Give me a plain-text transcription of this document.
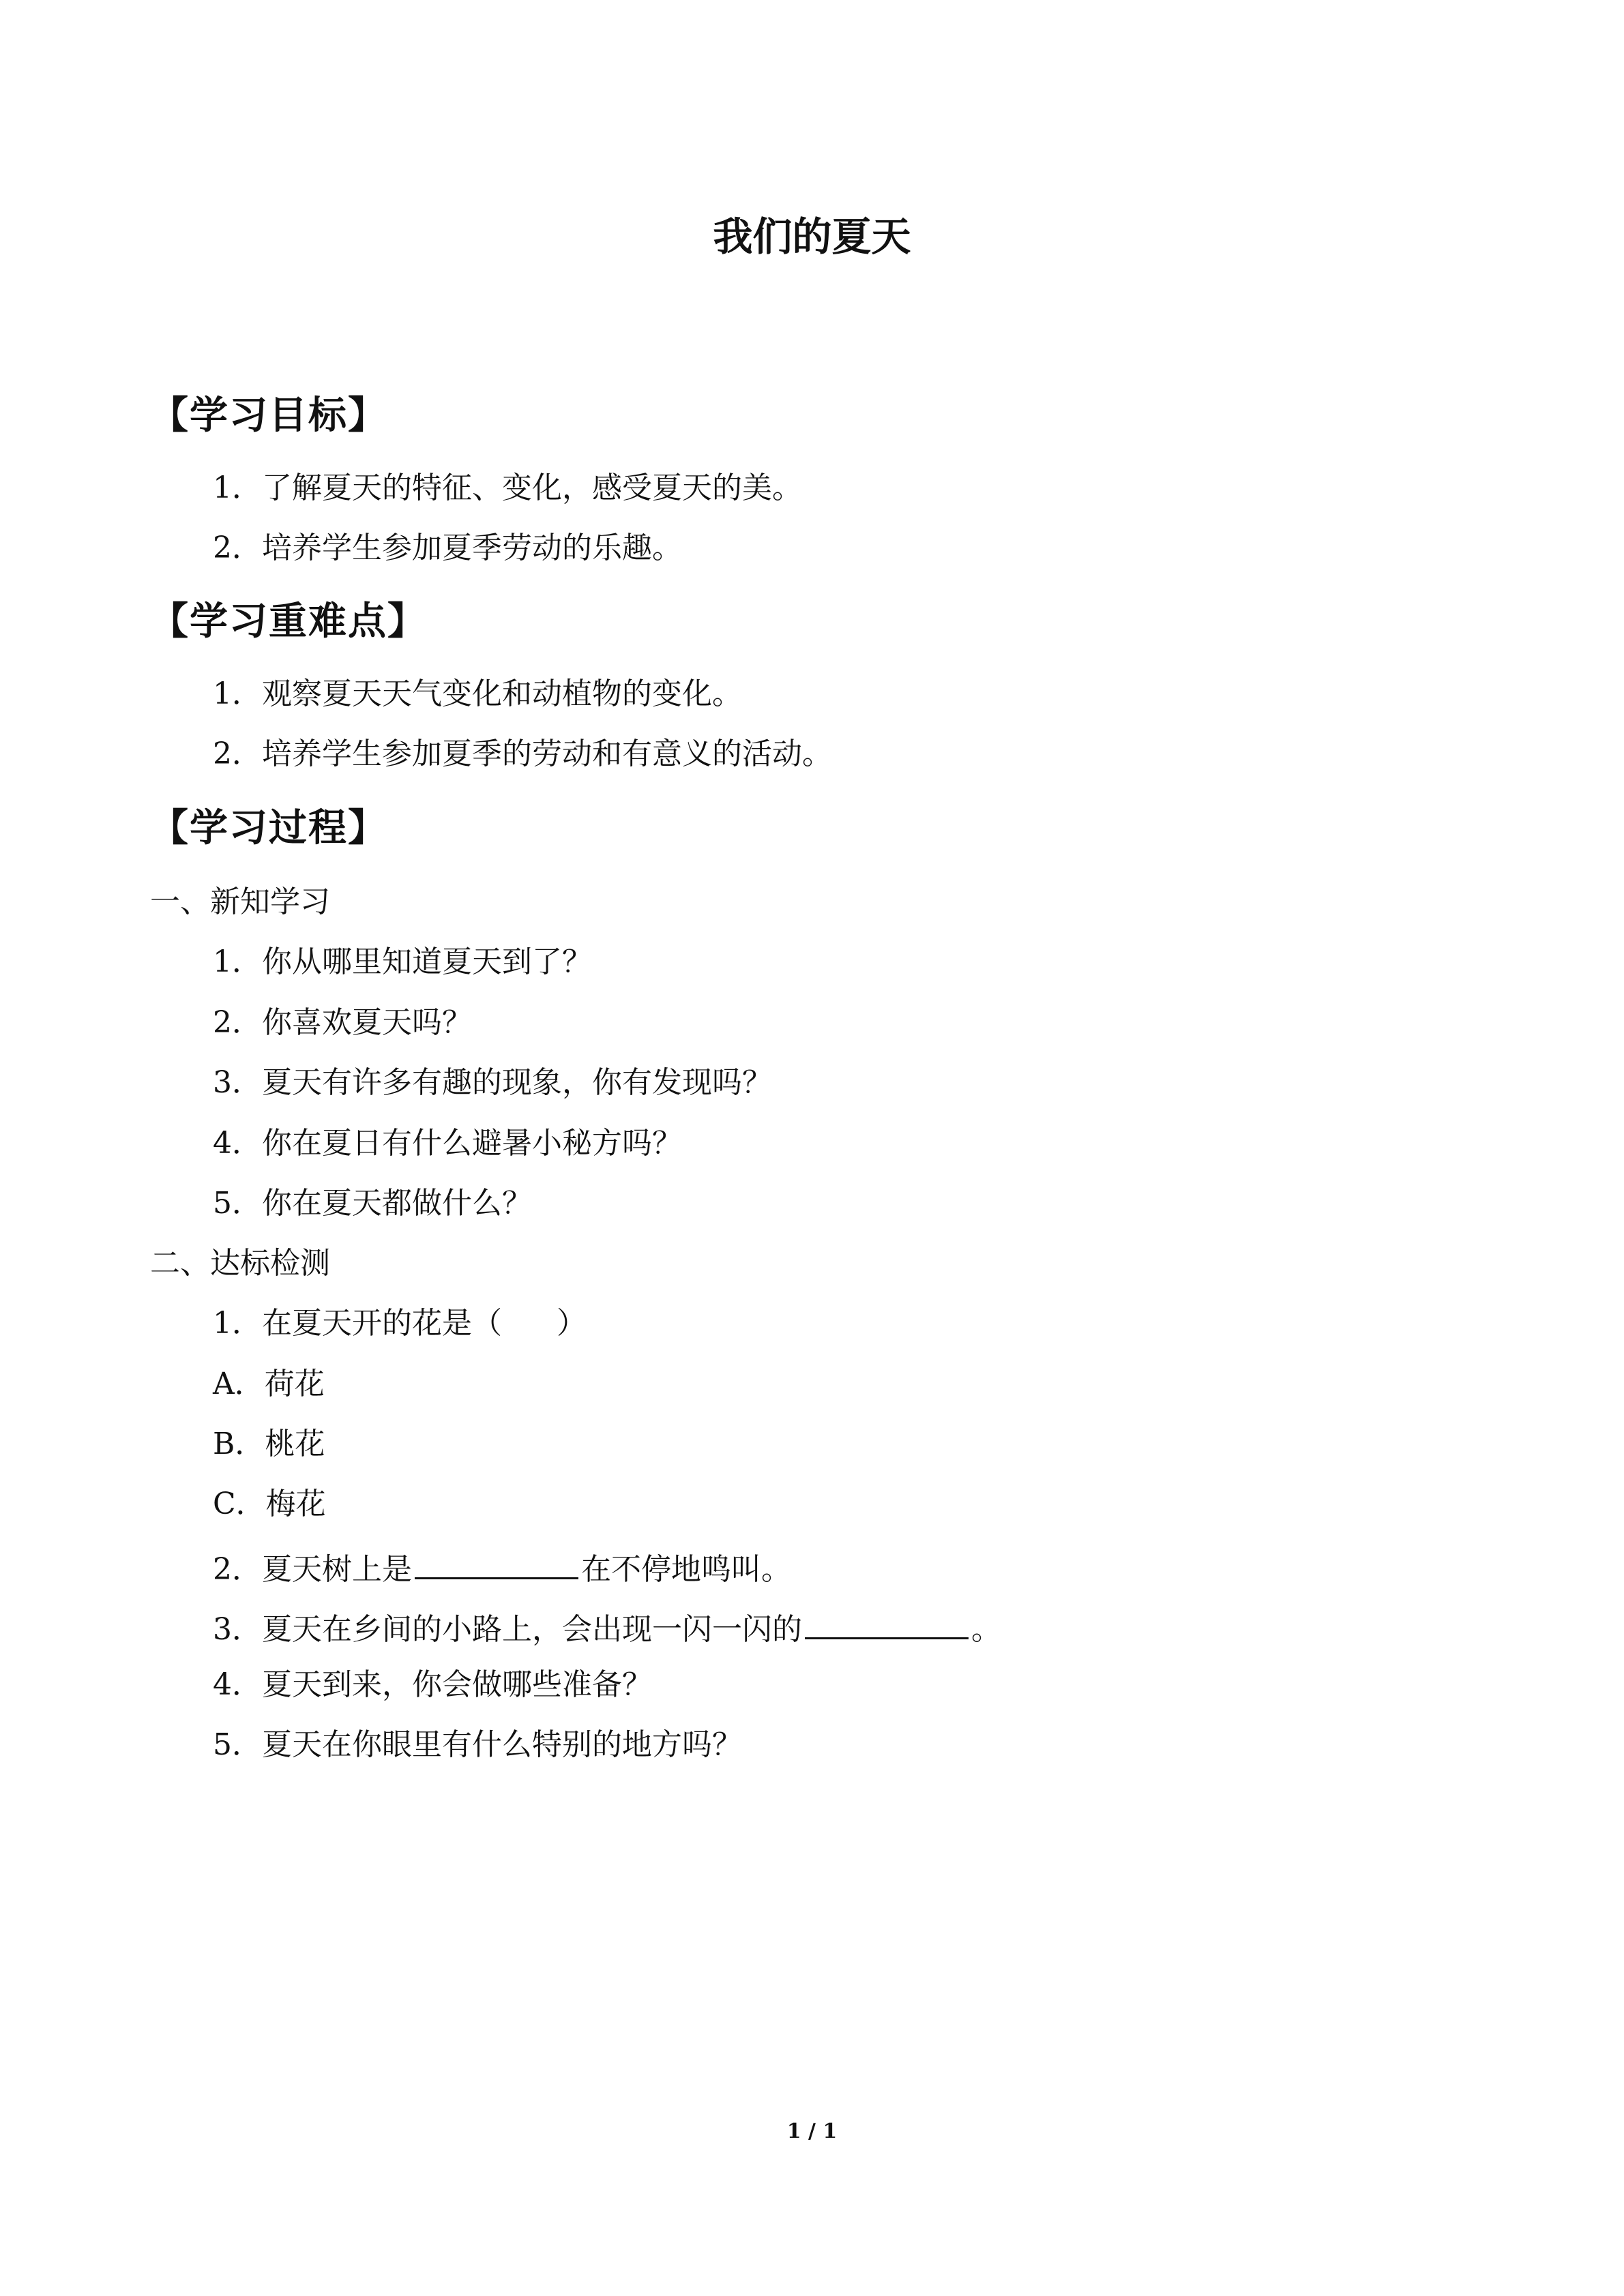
我们的夏天
【学习目标】
1．了解夏天的特征、变化，感受夏天的美。
2．培养学生参加夏季劳动的乐趣。
【学习重难点】
1．观察夏天天气变化和动植物的变化。
2．培养学生参加夏季的劳动和有意义的活动。
【学习过程】
一、新知学习
1．你从哪里知道夏天到了？
2．你喜欢夏天吗？
3．夏天有许多有趣的现象，你有发现吗？
4．你在夏日有什么避暑小秘方吗？
5．你在夏天都做什么？
二、达标检测
1．在夏天开的花是（ ）
A．荷花
B．桃花
C．梅花
2．夏天树上是	在不停地鸣叫。
3．夏天在乡间的小路上，会出现一闪一闪的	。
4．夏天到来，你会做哪些准备？
5．夏天在你眼里有什么特别的地方吗？
1 / 1
